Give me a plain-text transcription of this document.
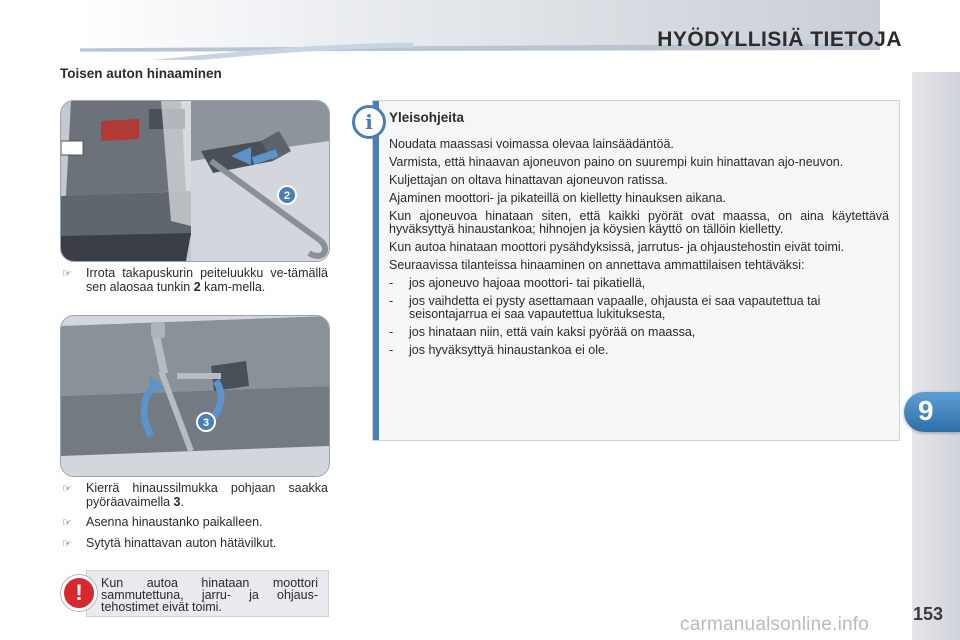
HYÖDYLLISIÄ TIETOJA
9
153
Toisen auton hinaaminen
2
☞	Irrota takapuskurin peiteluukku ve-tämällä sen alaosaa tunkin 2 kam-mella.
3
☞	Kierrä hinaussilmukka pohjaan saakka pyöräavaimella 3.
☞	Asenna hinaustanko paikalleen.
☞	Sytytä hinattavan auton hätävilkut.
i	Yleisohjeita
Noudata maassasi voimassa olevaa lainsäädäntöä.
Varmista, että hinaavan ajoneuvon paino on suurempi kuin hinattavan ajo-neuvon.
Kuljettajan on oltava hinattavan ajoneuvon ratissa.
Ajaminen moottori- ja pikateillä on kielletty hinauksen aikana.
Kun ajoneuvoa hinataan siten, että kaikki pyörät ovat maassa, on aina käytettävä hyväksyttyä hinaustankoa; hihnojen ja köysien käyttö on tällöin kielletty.
Kun autoa hinataan moottori pysähdyksissä, jarrutus- ja ohjaustehostin eivät toimi.
Seuraavissa tilanteissa hinaaminen on annettava ammattilaisen tehtäväksi:
-	jos ajoneuvo hajoaa moottori- tai pikatiellä,
-	jos vaihdetta ei pysty asettamaan vapaalle, ohjausta ei saa vapautettua tai seisontajarrua ei saa vapautettua lukituksesta,
-	jos hinataan niin, että vain kaksi pyörää on maassa,
-	jos hyväksyttyä hinaustankoa ei ole.
!	Kun autoa hinataan moottori sammutettuna, jarru- ja ohjaus-tehostimet eivät toimi.
carmanualsonline.info
